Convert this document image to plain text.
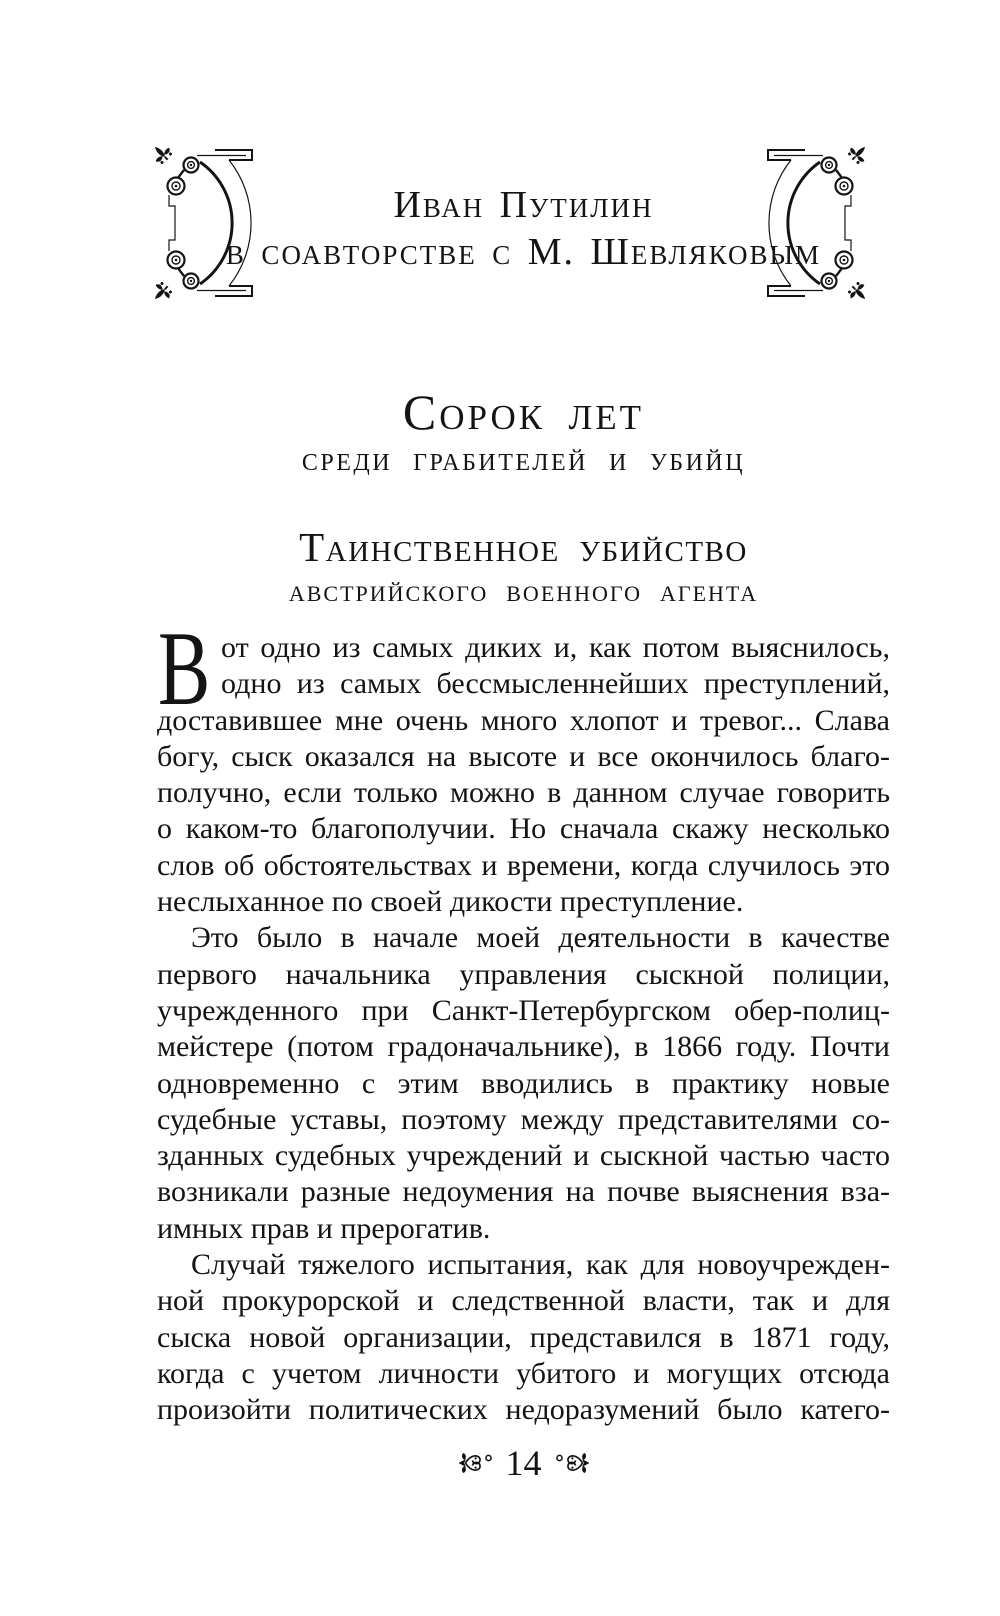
Иван Путилин
в соавторстве с М. Шевляковым
Сорок лет
среди грабителей и убийц
Таинственное убийство
австрийского военного агента
В от одно из самых диких и, как потом выяснилось,
одно из самых бессмысленнейших преступлений,
доставившее мне очень много хлопот и тревог... Слава
богу, сыск оказался на высоте и все окончилось благо-
получно, если только можно в данном случае говорить
о каком-то благополучии. Но сначала скажу несколько
слов об обстоятельствах и времени, когда случилось это
неслыханное по своей дикости преступление.
Это было в начале моей деятельности в качестве
первого начальника управления сыскной полиции,
учрежденного при Санкт-Петербургском обер-полиц-
мейстере (потом градоначальнике), в 1866 году. Почти
одновременно с этим вводились в практику новые
судебные уставы, поэтому между представителями со-
зданных судебных учреждений и сыскной частью часто
возникали разные недоумения на почве выяснения вза-
имных прав и прерогатив.
Случай тяжелого испытания, как для новоучрежден-
ной прокурорской и следственной власти, так и для
сыска новой организации, представился в 1871 году,
когда с учетом личности убитого и могущих отсюда
произойти политических недоразумений было катего-
14
